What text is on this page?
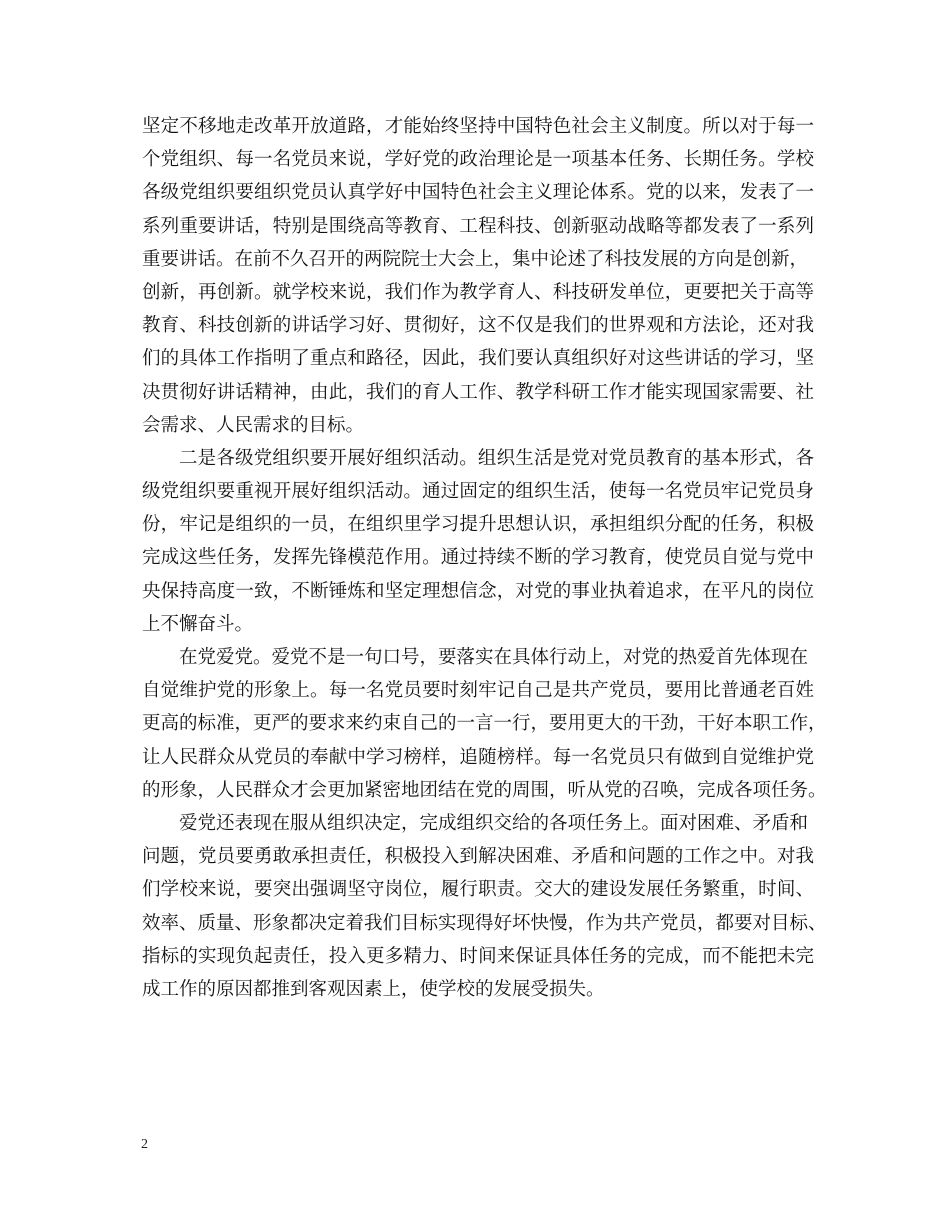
坚定不移地走改革开放道路，才能始终坚持中国特色社会主义制度。所以对于每一
个党组织、每一名党员来说，学好党的政治理论是一项基本任务、长期任务。学校
各级党组织要组织党员认真学好中国特色社会主义理论体系。党的以来，发表了一
系列重要讲话，特别是围绕高等教育、工程科技、创新驱动战略等都发表了一系列
重要讲话。在前不久召开的两院院士大会上，集中论述了科技发展的方向是创新，
创新，再创新。就学校来说，我们作为教学育人、科技研发单位，更要把关于高等
教育、科技创新的讲话学习好、贯彻好，这不仅是我们的世界观和方法论，还对我
们的具体工作指明了重点和路径，因此，我们要认真组织好对这些讲话的学习，坚
决贯彻好讲话精神，由此，我们的育人工作、教学科研工作才能实现国家需要、社
会需求、人民需求的目标。
二是各级党组织要开展好组织活动。组织生活是党对党员教育的基本形式，各
级党组织要重视开展好组织活动。通过固定的组织生活，使每一名党员牢记党员身
份，牢记是组织的一员，在组织里学习提升思想认识，承担组织分配的任务，积极
完成这些任务，发挥先锋模范作用。通过持续不断的学习教育，使党员自觉与党中
央保持高度一致，不断锤炼和坚定理想信念，对党的事业执着追求，在平凡的岗位
上不懈奋斗。
在党爱党。爱党不是一句口号，要落实在具体行动上，对党的热爱首先体现在
自觉维护党的形象上。每一名党员要时刻牢记自己是共产党员，要用比普通老百姓
更高的标准，更严的要求来约束自己的一言一行，要用更大的干劲，干好本职工作，
让人民群众从党员的奉献中学习榜样，追随榜样。每一名党员只有做到自觉维护党
的形象，人民群众才会更加紧密地团结在党的周围，听从党的召唤，完成各项任务。
爱党还表现在服从组织决定，完成组织交给的各项任务上。面对困难、矛盾和
问题，党员要勇敢承担责任，积极投入到解决困难、矛盾和问题的工作之中。对我
们学校来说，要突出强调坚守岗位，履行职责。交大的建设发展任务繁重，时间、
效率、质量、形象都决定着我们目标实现得好坏快慢，作为共产党员，都要对目标、
指标的实现负起责任，投入更多精力、时间来保证具体任务的完成，而不能把未完
成工作的原因都推到客观因素上，使学校的发展受损失。
2
